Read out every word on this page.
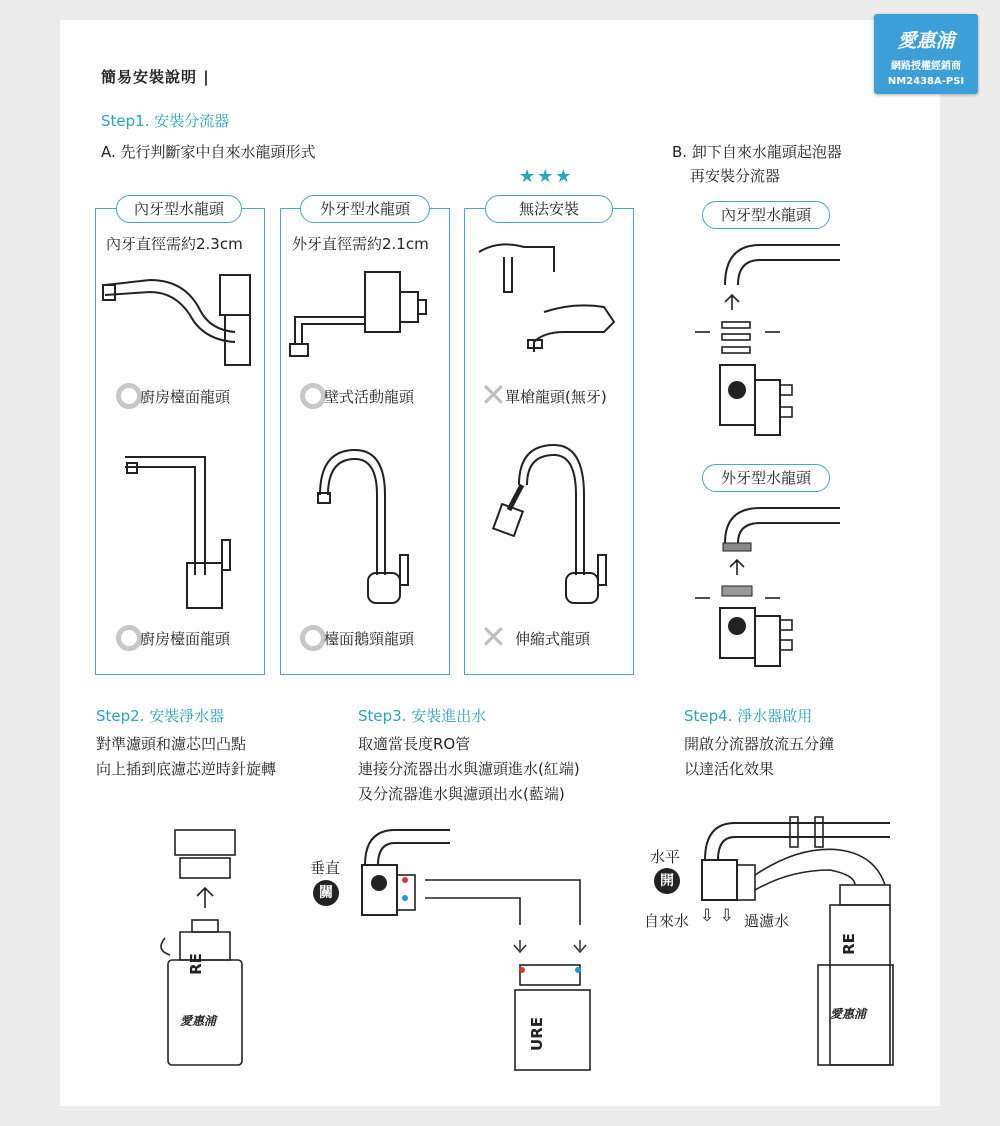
愛惠浦
網路授權經銷商
NM2438A-PSI
簡易安裝說明 |
Step1. 安裝分流器
A. 先行判斷家中自來水龍頭形式	B. 卸下自來水龍頭起泡器
再安裝分流器
★★★
內牙型水龍頭	外牙型水龍頭	無法安裝
內牙直徑需約2.3cm	外牙直徑需約2.1cm
廚房檯面龍頭
廚房檯面龍頭
壁式活動龍頭
檯面鵝頸龍頭
✕
單槍龍頭(無牙)
✕ 伸縮式龍頭
內牙型水龍頭
外牙型水龍頭
Step2. 安裝淨水器
對準濾頭和濾芯凹凸點
向上插到底濾芯逆時針旋轉
愛惠浦
RE
Step3. 安裝進出水
取適當長度RO管
連接分流器出水與濾頭進水(紅端)
及分流器進水與濾頭出水(藍端)
垂直
關
URE
Step4. 淨水器啟用
開啟分流器放流五分鐘
以達活化效果
水平
開
自來水 ⇩ ⇩ 過濾水
愛惠浦
RE
